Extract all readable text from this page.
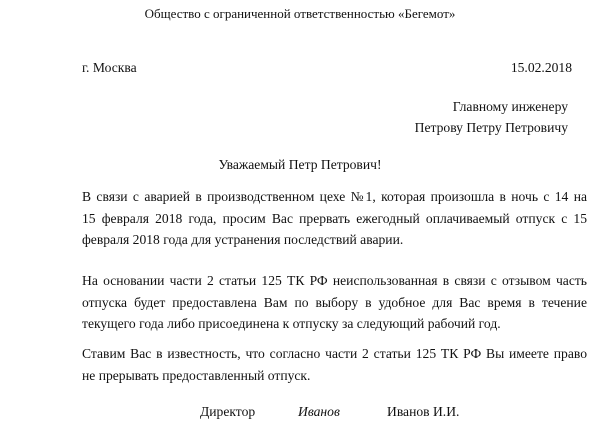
Общество с ограниченной ответственностью «Бегемот»
г. Москва	15.02.2018
Главному инженеру
Петрову Петру Петровичу
Уважаемый Петр Петрович!
В связи с аварией в производственном цехе №1, которая произошла в ночь с 14 на
15 февраля 2018 года, просим Вас прервать ежегодный оплачиваемый отпуск с 15
февраля 2018 года для устранения последствий аварии.
На основании части 2 статьи 125 ТК РФ неиспользованная в связи с отзывом часть
отпуска будет предоставлена Вам по выбору в удобное для Вас время в течение
текущего года либо присоединена к отпуску за следующий рабочий год.
Ставим Вас в известность, что согласно части 2 статьи 125 ТК РФ Вы имеете право
не прерывать предоставленный отпуск.
Директор	Иванов	Иванов И.И.
